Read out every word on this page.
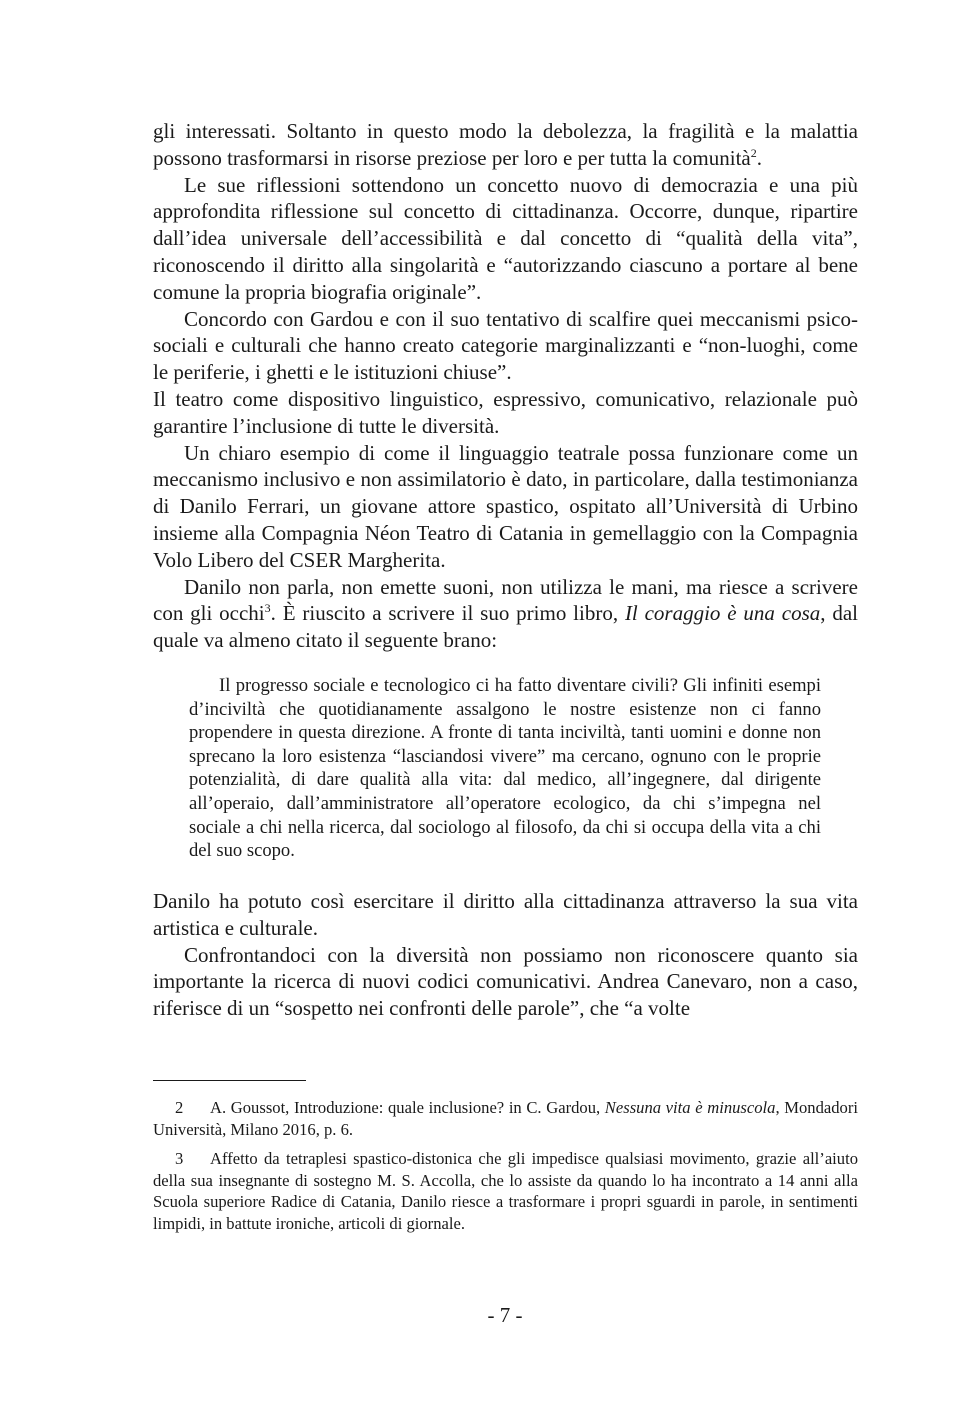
gli interessati. Soltanto in questo modo la debolezza, la fragilità e la malattia possono trasformarsi in risorse preziose per loro e per tutta la comunità$^2$.

Le sue riflessioni sottendono un concetto nuovo di democrazia e una più approfondita riflessione sul concetto di cittadinanza. Occorre, dunque, ripartire dall’idea universale dell’accessibilità e dal concetto di “qualità della vita”, riconoscendo il diritto alla singolarità e “autorizzando ciascuno a portare al bene comune la propria biografia originale”.

Concordo con Gardou e con il suo tentativo di scalfire quei meccanismi psico-sociali e culturali che hanno creato categorie marginalizzanti e “non-luoghi, come le periferie, i ghetti e le istituzioni chiuse”.

Il teatro come dispositivo linguistico, espressivo, comunicativo, relazionale può garantire l’inclusione di tutte le diversità.

Un chiaro esempio di come il linguaggio teatrale possa funzionare come un meccanismo inclusivo e non assimilatorio è dato, in particolare, dalla testimonianza di Danilo Ferrari, un giovane attore spastico, ospitato all’Università di Urbino insieme alla Compagnia Néon Teatro di Catania in gemellaggio con la Compagnia Volo Libero del CSER Margherita.

Danilo non parla, non emette suoni, non utilizza le mani, ma riesce a scrivere con gli occhi$^3$. È riuscito a scrivere il suo primo libro, Il coraggio è una cosa, dal quale va almeno citato il seguente brano:

Il progresso sociale e tecnologico ci ha fatto diventare civili? Gli infiniti esempi d’inciviltà che quotidianamente assalgono le nostre esistenze non ci fanno propendere in questa direzione. A fronte di tanta inciviltà, tanti uomini e donne non sprecano la loro esistenza “lasciandosi vivere” ma cercano, ognuno con le proprie potenzialità, di dare qualità alla vita: dal medico, all’ingegnere, dal dirigente all’operaio, dall’amministratore all’operatore ecologico, da chi s’impegna nel sociale a chi nella ricerca, dal sociologo al filosofo, da chi si occupa della vita a chi del suo scopo.

Danilo ha potuto così esercitare il diritto alla cittadinanza attraverso la sua vita artistica e culturale.

Confrontandoci con la diversità non possiamo non riconoscere quanto sia importante la ricerca di nuovi codici comunicativi. Andrea Canevaro, non a caso, riferisce di un “sospetto nei confronti delle parole”, che “a volte

2 A. Goussot, Introduzione: quale inclusione? in C. Gardou, Nessuna vita è minuscola, Mondadori Università, Milano 2016, p. 6.

3 Affetto da tetraplesi spastico-distonica che gli impedisce qualsiasi movimento, grazie all’aiuto della sua insegnante di sostegno M. S. Accolla, che lo assiste da quando lo ha incontrato a 14 anni alla Scuola superiore Radice di Catania, Danilo riesce a trasformare i propri sguardi in parole, in sentimenti limpidi, in battute ironiche, articoli di giornale.

- 7 -
